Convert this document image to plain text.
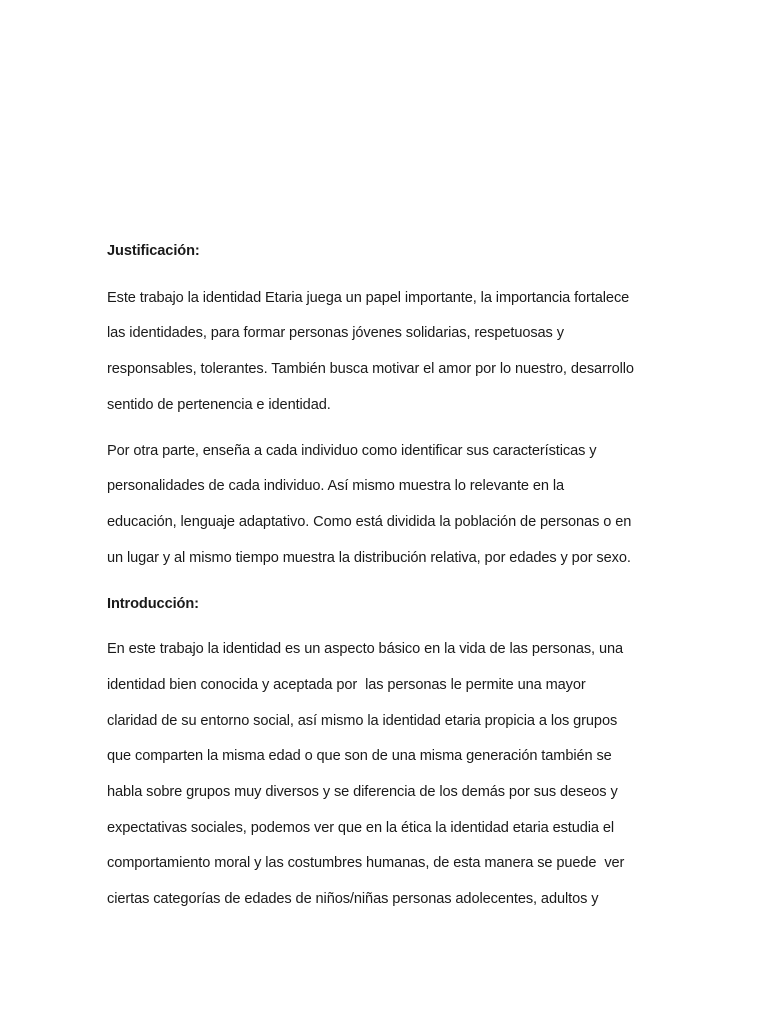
Justificación:
Este trabajo la identidad Etaria juega un papel importante, la importancia fortalece
las identidades, para formar personas jóvenes solidarias, respetuosas y
responsables, tolerantes. También busca motivar el amor por lo nuestro, desarrollo
sentido de pertenencia e identidad.
Por otra parte, enseña a cada individuo como identificar sus características y
personalidades de cada individuo. Así mismo muestra lo relevante en la
educación, lenguaje adaptativo. Como está dividida la población de personas o en
un lugar y al mismo tiempo muestra la distribución relativa, por edades y por sexo.
Introducción:
En este trabajo la identidad es un aspecto básico en la vida de las personas, una
identidad bien conocida y aceptada por  las personas le permite una mayor
claridad de su entorno social, así mismo la identidad etaria propicia a los grupos
que comparten la misma edad o que son de una misma generación también se
habla sobre grupos muy diversos y se diferencia de los demás por sus deseos y
expectativas sociales, podemos ver que en la ética la identidad etaria estudia el
comportamiento moral y las costumbres humanas, de esta manera se puede  ver
ciertas categorías de edades de niños/niñas personas adolecentes, adultos y
